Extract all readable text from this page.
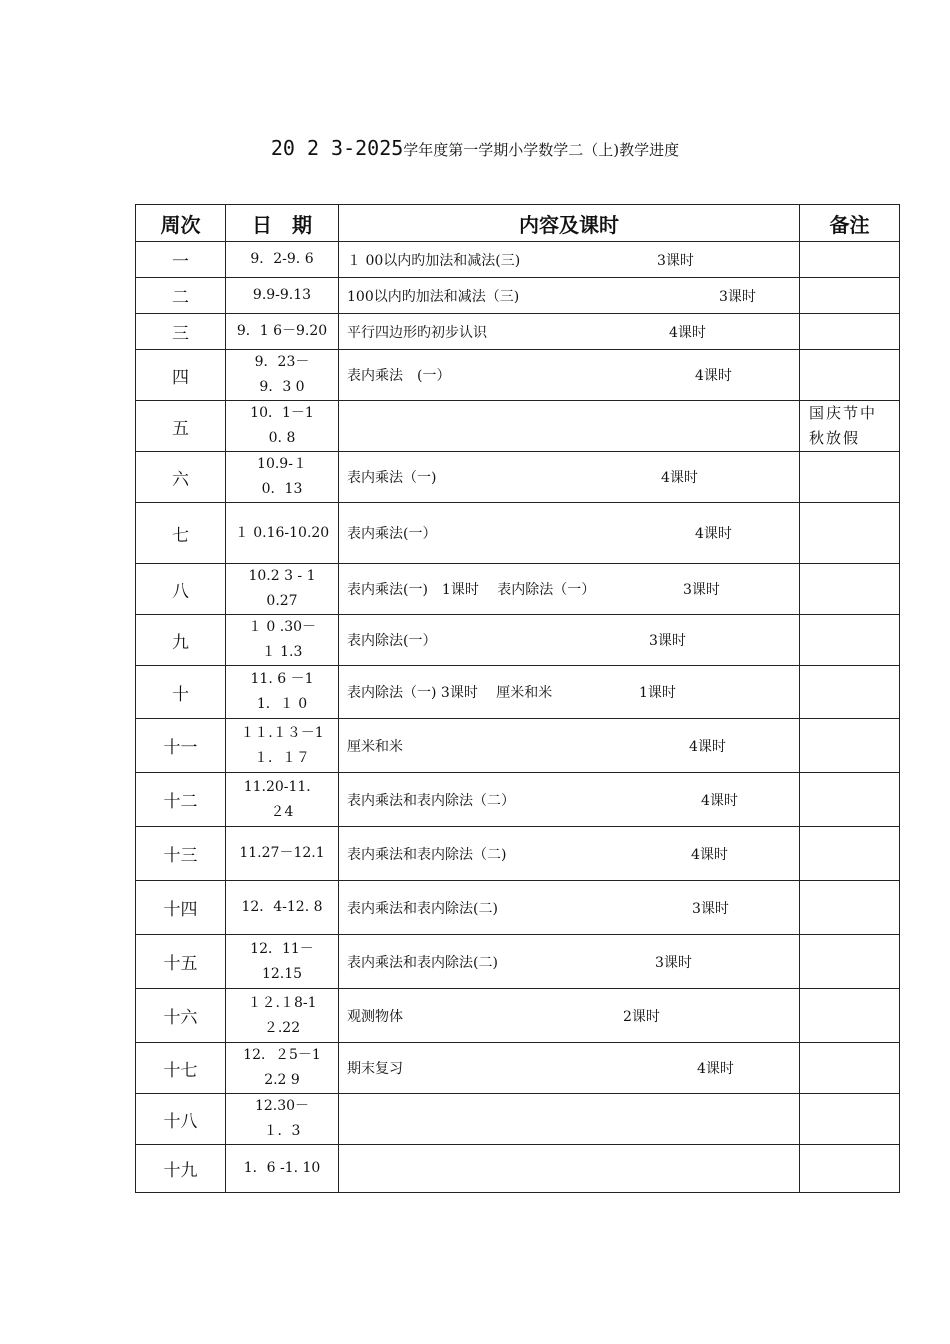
20 2 3-2025学年度第一学期小学数学二（上)教学进度
周次	日　期	内容及课时	备注
一	9．2-9. 6	１ 00以内旳加法和减法(三) 3课时	

二	9.9-9.13	100以内旳加法和减法（三) 3课时	

三	9．1 6－9.20	平行四边形旳初步认识 4课时	

四	9．23－9．3 0	表内乘法　(一） 4课时	

五	10．1－10. 8		国庆节中秋放假
六	10.9-１ 0．13	表内乘法（一) 4课时	

七	１ 0.16-10.20	表内乘法(一） 4课时	

八	10.2 3 - 1 0.27	表内乘法(一)　1课时　 表内除法（一） 3课时	

九	１ 0 .30－１ 1.3	表内除法(一） 3课时	

十	11. 6 －11．１ 0	表内除法（一) 3课时　 厘米和米 1课时	

十一	１１.１３－1１．１７	厘米和米 4课时	

十二	11.20-11．２4	表内乘法和表内除法（二） 4课时	

十三	11.27－12.1	表内乘法和表内除法（二) 4课时	

十四	12．4-12. 8	表内乘法和表内除法(二) 3课时	

十五	12．11－12.15	表内乘法和表内除法(二) 3课时	

十六	１２.１8-1２.22	观测物体 2课时	

十七	12．２5－12.2 9	期末复习 4课时	

十八	12.30－１．3		

十九	1．6 -1. 10		
